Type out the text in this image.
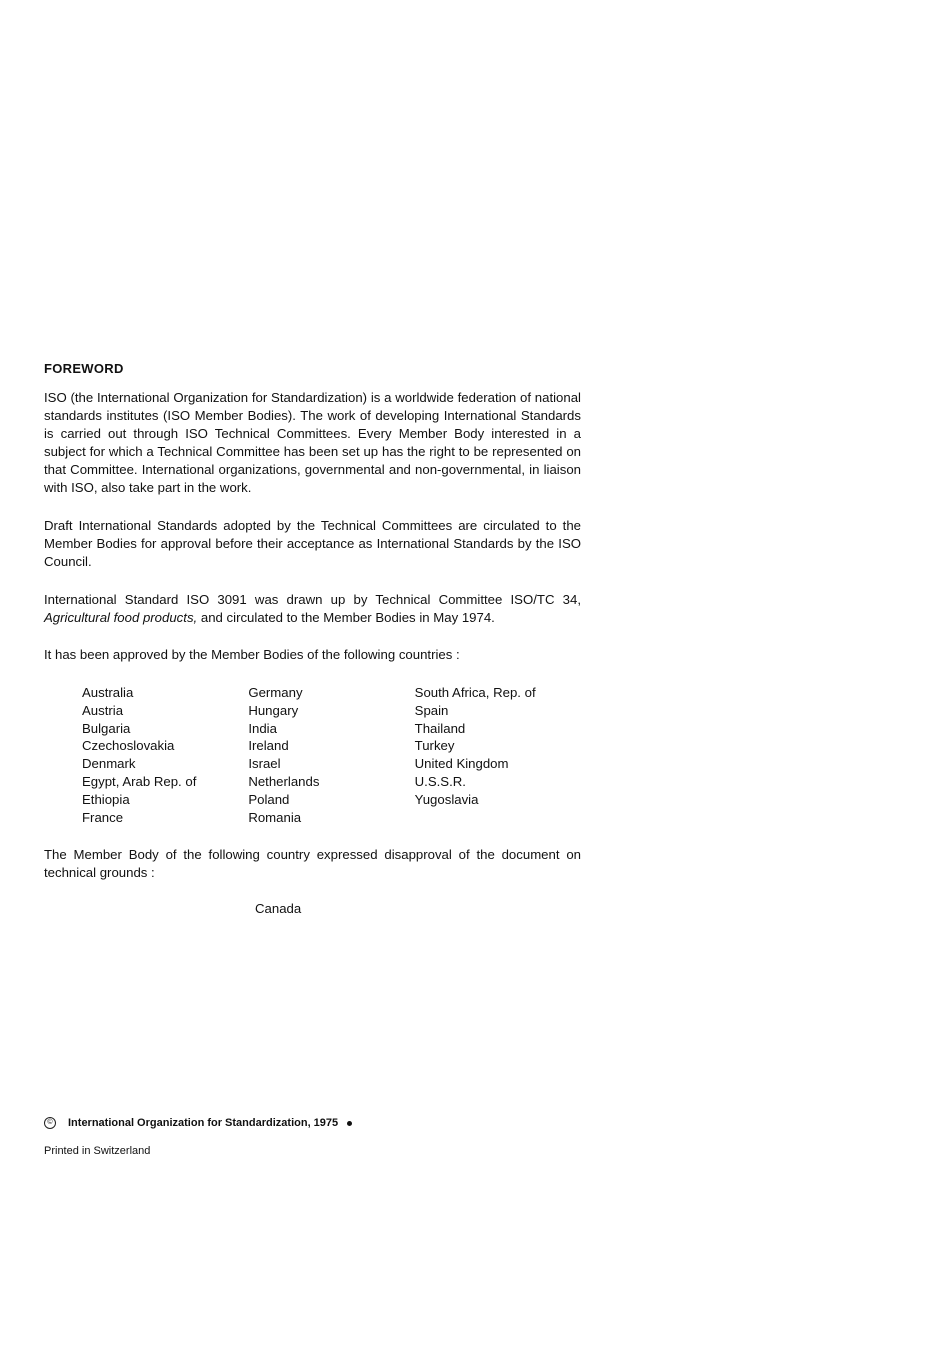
FOREWORD

ISO (the International Organization for Standardization) is a worldwide federation of national standards institutes (ISO Member Bodies). The work of developing International Standards is carried out through ISO Technical Committees. Every Member Body interested in a subject for which a Technical Committee has been set up has the right to be represented on that Committee. International organizations, governmental and non-governmental, in liaison with ISO, also take part in the work.

Draft International Standards adopted by the Technical Committees are circulated to the Member Bodies for approval before their acceptance as International Standards by the ISO Council.

International Standard ISO 3091 was drawn up by Technical Committee ISO/TC 34, Agricultural food products, and circulated to the Member Bodies in May 1974.

It has been approved by the Member Bodies of the following countries :

Australia
Austria
Bulgaria
Czechoslovakia
Denmark
Egypt, Arab Rep. of
Ethiopia
France
Germany
Hungary
India
Ireland
Israel
Netherlands
Poland
Romania
South Africa, Rep. of
Spain
Thailand
Turkey
United Kingdom
U.S.S.R.
Yugoslavia

The Member Body of the following country expressed disapproval of the document on technical grounds :

Canada
©	International Organization for Standardization, 1975
Printed in Switzerland
